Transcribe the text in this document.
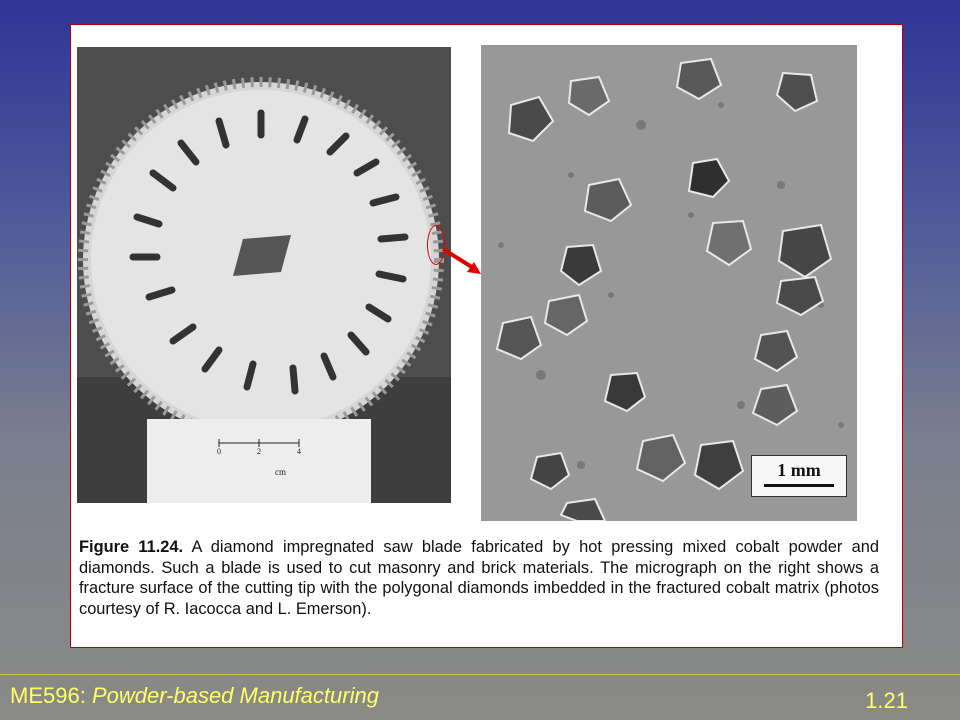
0	2	4
cm	1 mm
Figure 11.24. A diamond impregnated saw blade fabricated by hot pressing mixed cobalt powder and diamonds. Such a blade is used to cut masonry and brick materials. The micrograph on the right shows a fracture surface of the cutting tip with the polygonal diamonds imbedded in the fractured cobalt matrix (photos courtesy of R. Iacocca and L. Emerson).
ME596: Powder-based Manufacturing	1.21
